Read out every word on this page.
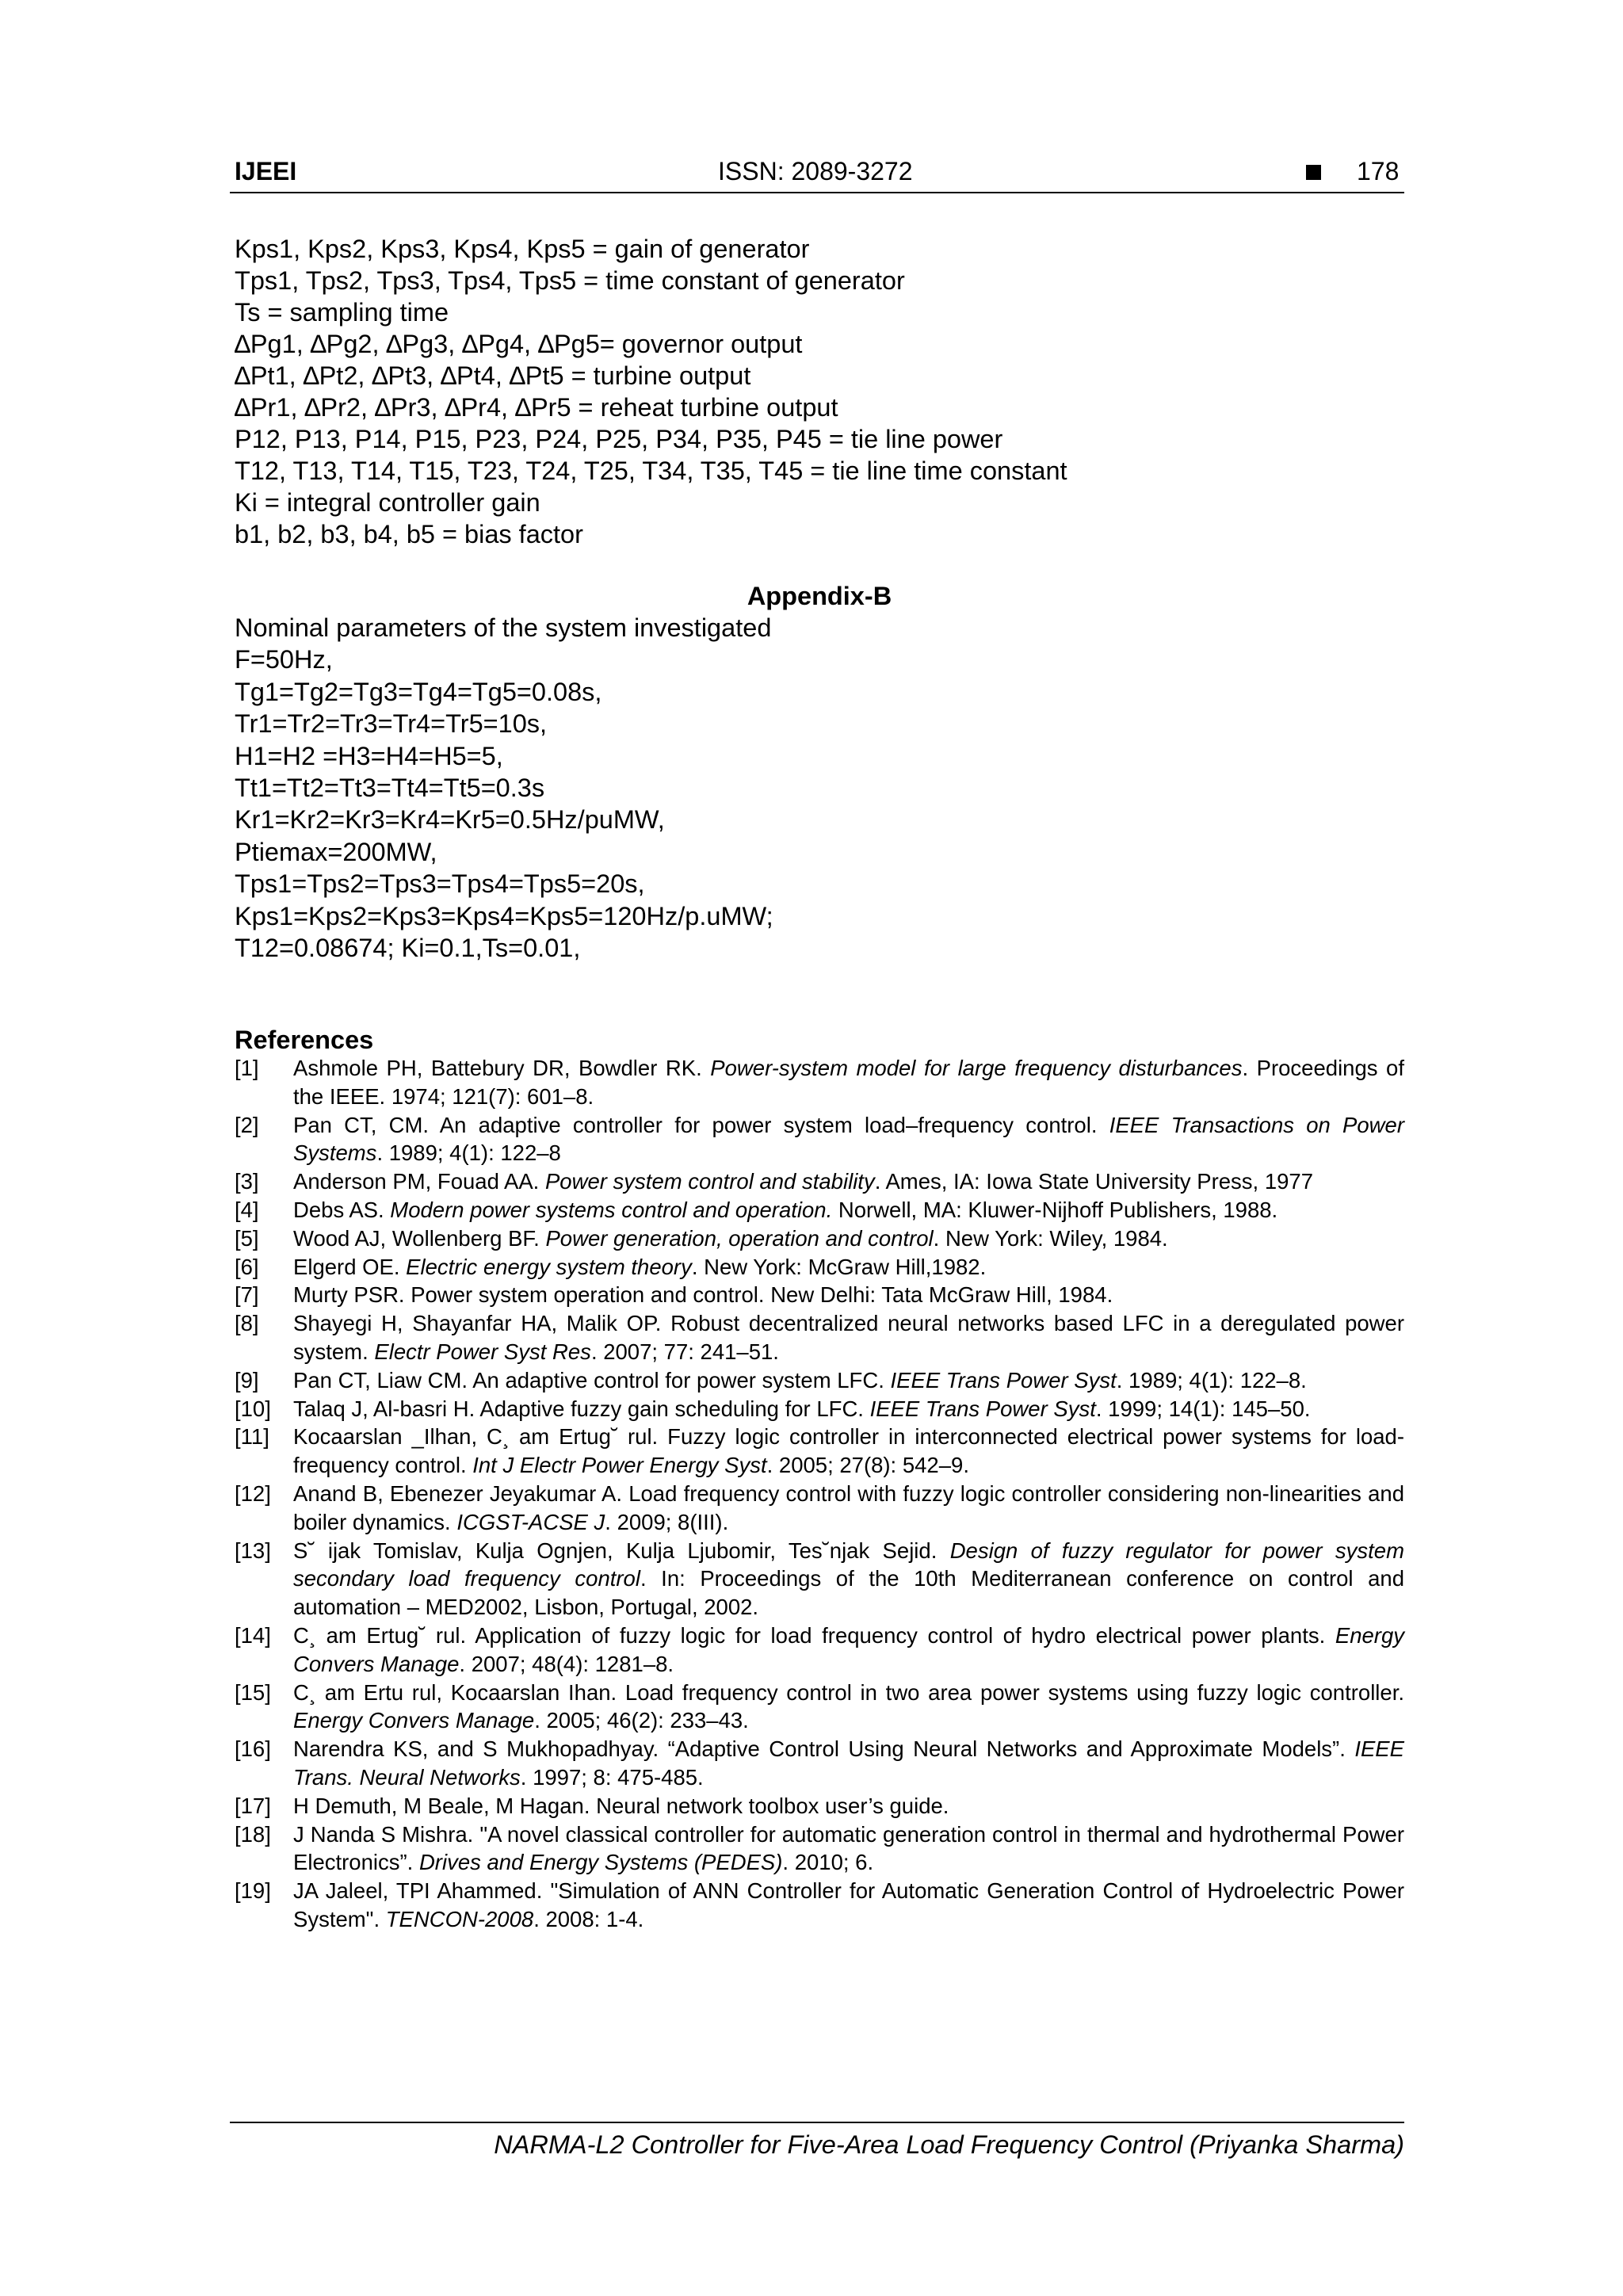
IJEEI	ISSN: 2089-3272	178
Kps1, Kps2, Kps3, Kps4, Kps5 = gain of generator
Tps1, Tps2, Tps3, Tps4, Tps5 = time constant of generator
Ts = sampling time
∆Pg1, ∆Pg2, ∆Pg3, ∆Pg4, ∆Pg5= governor output
∆Pt1, ∆Pt2, ∆Pt3, ∆Pt4, ∆Pt5 = turbine output
∆Pr1, ∆Pr2, ∆Pr3, ∆Pr4, ∆Pr5 = reheat turbine output
P12, P13, P14, P15, P23, P24, P25, P34, P35, P45 = tie line power
T12, T13, T14, T15, T23, T24, T25, T34, T35, T45 = tie line time constant
Ki = integral controller gain
b1, b2, b3, b4, b5 = bias factor
Appendix-B
Nominal parameters of the system investigated
F=50Hz,
Tg1=Tg2=Tg3=Tg4=Tg5=0.08s,
Tr1=Tr2=Tr3=Tr4=Tr5=10s,
H1=H2 =H3=H4=H5=5,
Tt1=Tt2=Tt3=Tt4=Tt5=0.3s
Kr1=Kr2=Kr3=Kr4=Kr5=0.5Hz/puMW,
Ptiemax=200MW,
Tps1=Tps2=Tps3=Tps4=Tps5=20s,
Kps1=Kps2=Kps3=Kps4=Kps5=120Hz/p.uMW;
T12=0.08674; Ki=0.1,Ts=0.01,
References
[1]	Ashmole PH, Battebury DR, Bowdler RK. Power-system model for large frequency disturbances. Proceedings of the IEEE. 1974; 121(7): 601–8.
[2]	Pan CT, CM. An adaptive controller for power system load–frequency control. IEEE Transactions on Power Systems. 1989; 4(1): 122–8
[3]	Anderson PM, Fouad AA. Power system control and stability. Ames, IA: Iowa State University Press, 1977
[4]	Debs AS. Modern power systems control and operation. Norwell, MA: Kluwer-Nijhoff Publishers, 1988.
[5]	Wood AJ, Wollenberg BF. Power generation, operation and control. New York: Wiley, 1984.
[6]	Elgerd OE. Electric energy system theory. New York: McGraw Hill,1982.
[7]	Murty PSR. Power system operation and control. New Delhi: Tata McGraw Hill, 1984.
[8]	Shayegi H, Shayanfar HA, Malik OP. Robust decentralized neural networks based LFC in a deregulated power system. Electr Power Syst Res. 2007; 77: 241–51.
[9]	Pan CT, Liaw CM. An adaptive control for power system LFC. IEEE Trans Power Syst. 1989; 4(1): 122–8.
[10]	Talaq J, Al-basri H. Adaptive fuzzy gain scheduling for LFC. IEEE Trans Power Syst. 1999; 14(1): 145–50.
[11]	Kocaarslan _Ilhan, C¸ am Ertug˘ rul. Fuzzy logic controller in interconnected electrical power systems for load-frequency control. Int J Electr Power Energy Syst. 2005; 27(8): 542–9.
[12]	Anand B, Ebenezer Jeyakumar A. Load frequency control with fuzzy logic controller considering non-linearities and boiler dynamics. ICGST-ACSE J. 2009; 8(III).
[13]	S˘ ijak Tomislav, Kulja Ognjen, Kulja Ljubomir, Tes˘njak Sejid. Design of fuzzy regulator for power system secondary load frequency control. In: Proceedings of the 10th Mediterranean conference on control and automation – MED2002, Lisbon, Portugal, 2002.
[14]	C¸ am Ertug˘ rul. Application of fuzzy logic for load frequency control of hydro electrical power plants. Energy Convers Manage. 2007; 48(4): 1281–8.
[15]	C¸ am Ertu rul, Kocaarslan Ihan. Load frequency control in two area power systems using fuzzy logic controller. Energy Convers Manage. 2005; 46(2): 233–43.
[16]	Narendra KS, and S Mukhopadhyay. “Adaptive Control Using Neural Networks and Approximate Models”. IEEE Trans. Neural Networks. 1997; 8: 475-485.
[17]	H Demuth, M Beale, M Hagan. Neural network toolbox user’s guide.
[18]	J Nanda S Mishra. "A novel classical controller for automatic generation control in thermal and hydrothermal Power Electronics”. Drives and Energy Systems (PEDES). 2010; 6.
[19]	JA Jaleel, TPI Ahammed. "Simulation of ANN Controller for Automatic Generation Control of Hydroelectric Power System". TENCON-2008. 2008: 1-4.
NARMA-L2 Controller for Five-Area Load Frequency Control (Priyanka Sharma)
